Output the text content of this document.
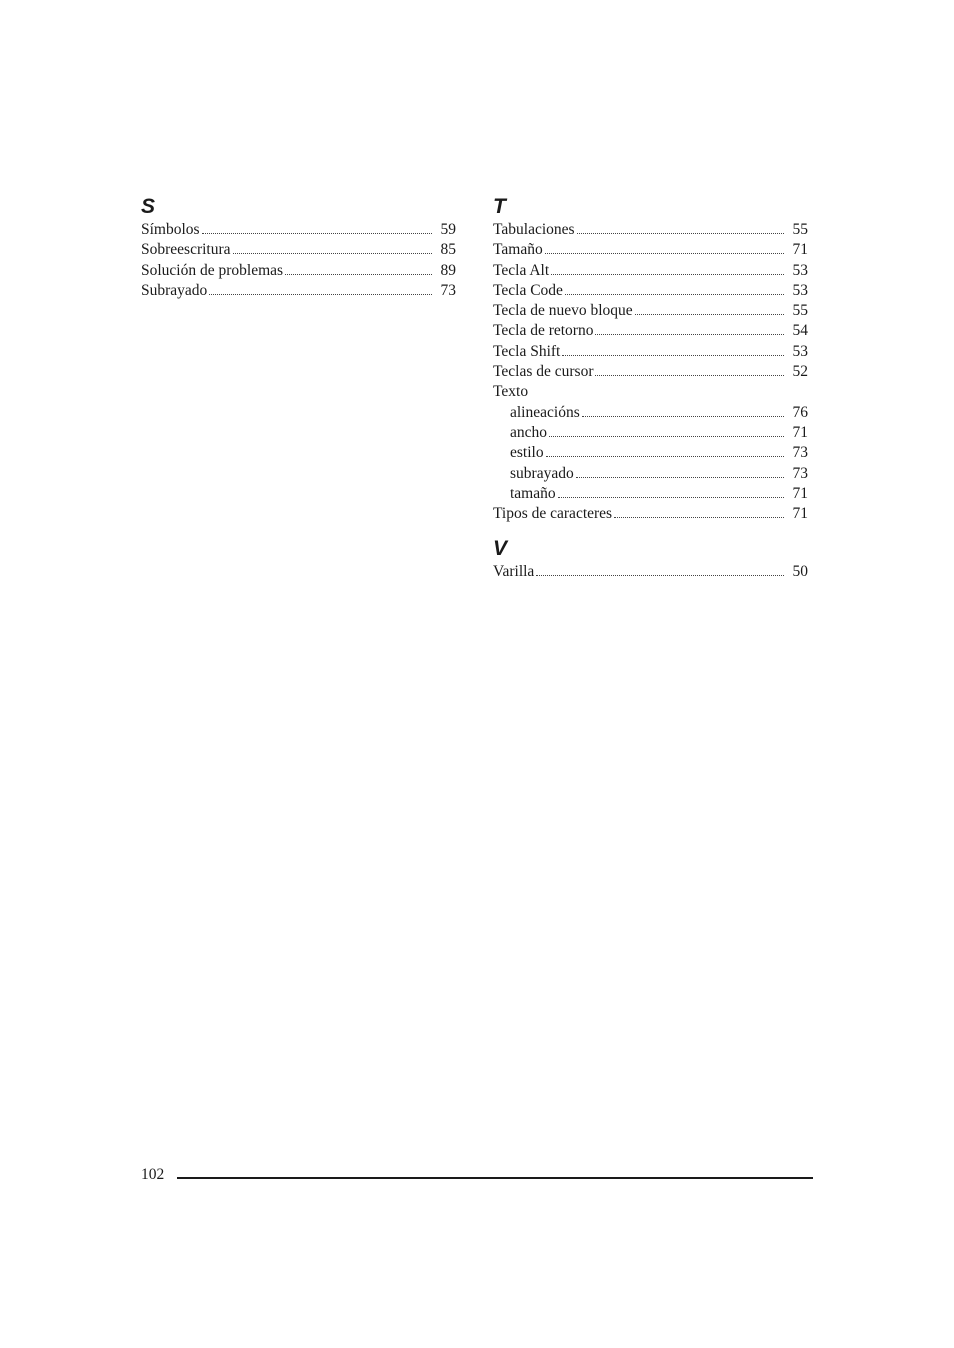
S
Símbolos	59
Sobreescritura	85
Solución de problemas	89
Subrayado	73
T
Tabulaciones	55
Tamaño	71
Tecla Alt	53
Tecla Code	53
Tecla de nuevo bloque	55
Tecla de retorno	54
Tecla Shift	53
Teclas de cursor	52
Texto
alineacións	76
ancho	71
estilo	73
subrayado	73
tamaño	71
Tipos de caracteres	71
V
Varilla	50
102
